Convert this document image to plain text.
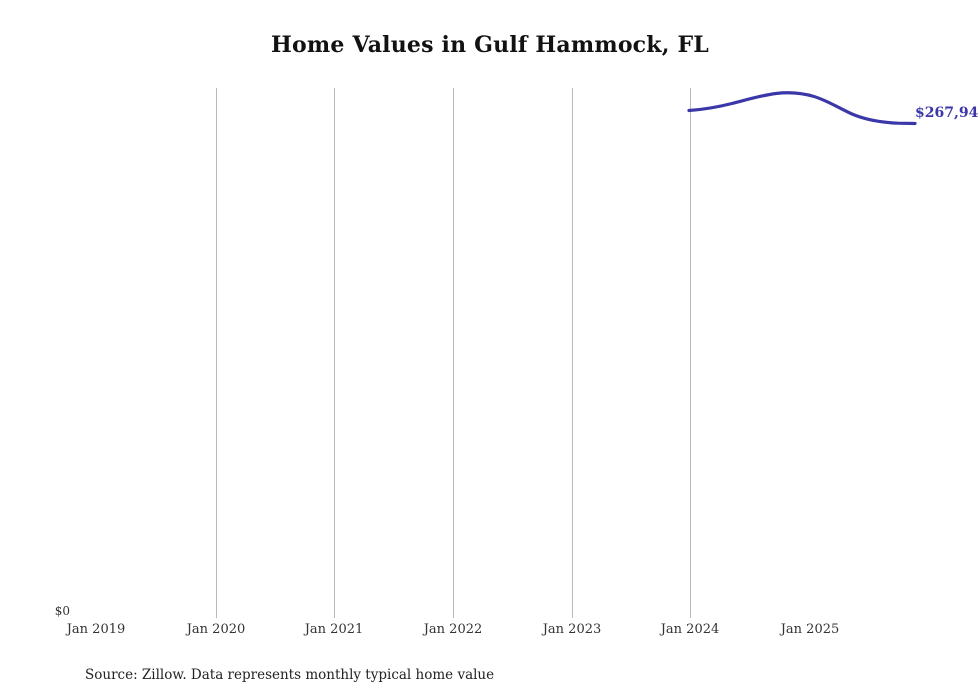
Home Values in Gulf Hammock, FL
$0
$267,94
Jan 2019	Jan 2020	Jan 2021	Jan 2022	Jan 2023	Jan 2024	Jan 2025
Source: Zillow. Data represents monthly typical home value
